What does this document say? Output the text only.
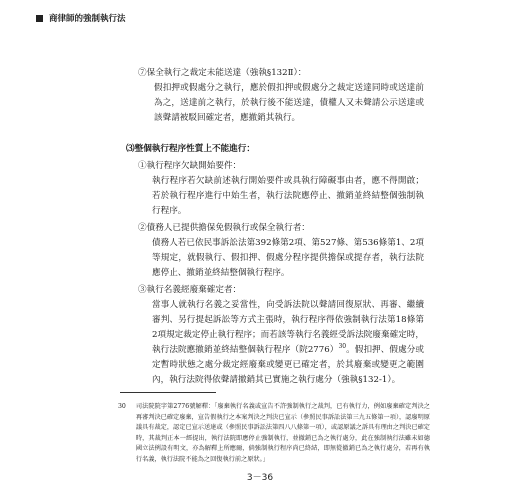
商律師的強制執行法
⑦保全執行之裁定未能送達（強執§132Ⅱ）：
假扣押或假處分之執行，應於假扣押或假處分之裁定送達同時或送達前為之，送達前之執行，於執行後不能送達，債權人又未聲請公示送達或該聲請被駁回確定者，應撤銷其執行。
⑶整個執行程序性質上不能進行：
①執行程序欠缺開始要件：
執行程序若欠缺前述執行開始要件或具執行障礙事由者，應不得開啟；若於執行程序進行中始生者，執行法院應停止、撤銷並終結整個強制執行程序。
②債務人已提供擔保免假執行或保全執行者：
債務人若已依民事訴訟法第392條第2項、第527條、第536條第1、2項等規定，就假執行、假扣押、假處分程序提供擔保或提存者，執行法院應停止、撤銷並終結整個執行程序。
③執行名義經廢棄確定者：
當事人就執行名義之妥當性，向受訴法院以聲請回復原狀、再審、繼續審判、另行提起訴訟等方式主張時，執行程序得依強制執行法第18條第2項規定裁定停止執行程序；而若該等執行名義經受訴法院廢棄確定時，執行法院應撤銷並終結整個執行程序（院2776）$^{30}$。假扣押、假處分或定暫時狀態之處分裁定經廢棄或變更已確定者，於其廢棄或變更之範圍內，執行法院得依聲請撤銷其已實施之執行處分（強執§132-1）。
30 司法院院字第2776號解釋：「廢棄執行名義或宣告不許強制執行之裁判，已有執行力，例如廢棄確定判決之再審判決已確定廢棄，宣告假執行之本案判決之判決已宣示（參照民事訴訟法第三九五條第一項），認廢明原議具有裁定，認定已宣示送達或（參照民事訴訟法第四八八條第一項），或認原議之訴具有理由之判決已確定時，其裁判正本一經提出，執行法院即應停止強制執行，並撤銷已為之執行處分，此在強制執行法雖未如德國立法例設有明文，亦為解釋上所應爾，倘強制執行程序尚已終結，即無從撤銷已為之執行處分，若再有執行名義，執行法院不能為之回復執行前之原狀。」
3－36
